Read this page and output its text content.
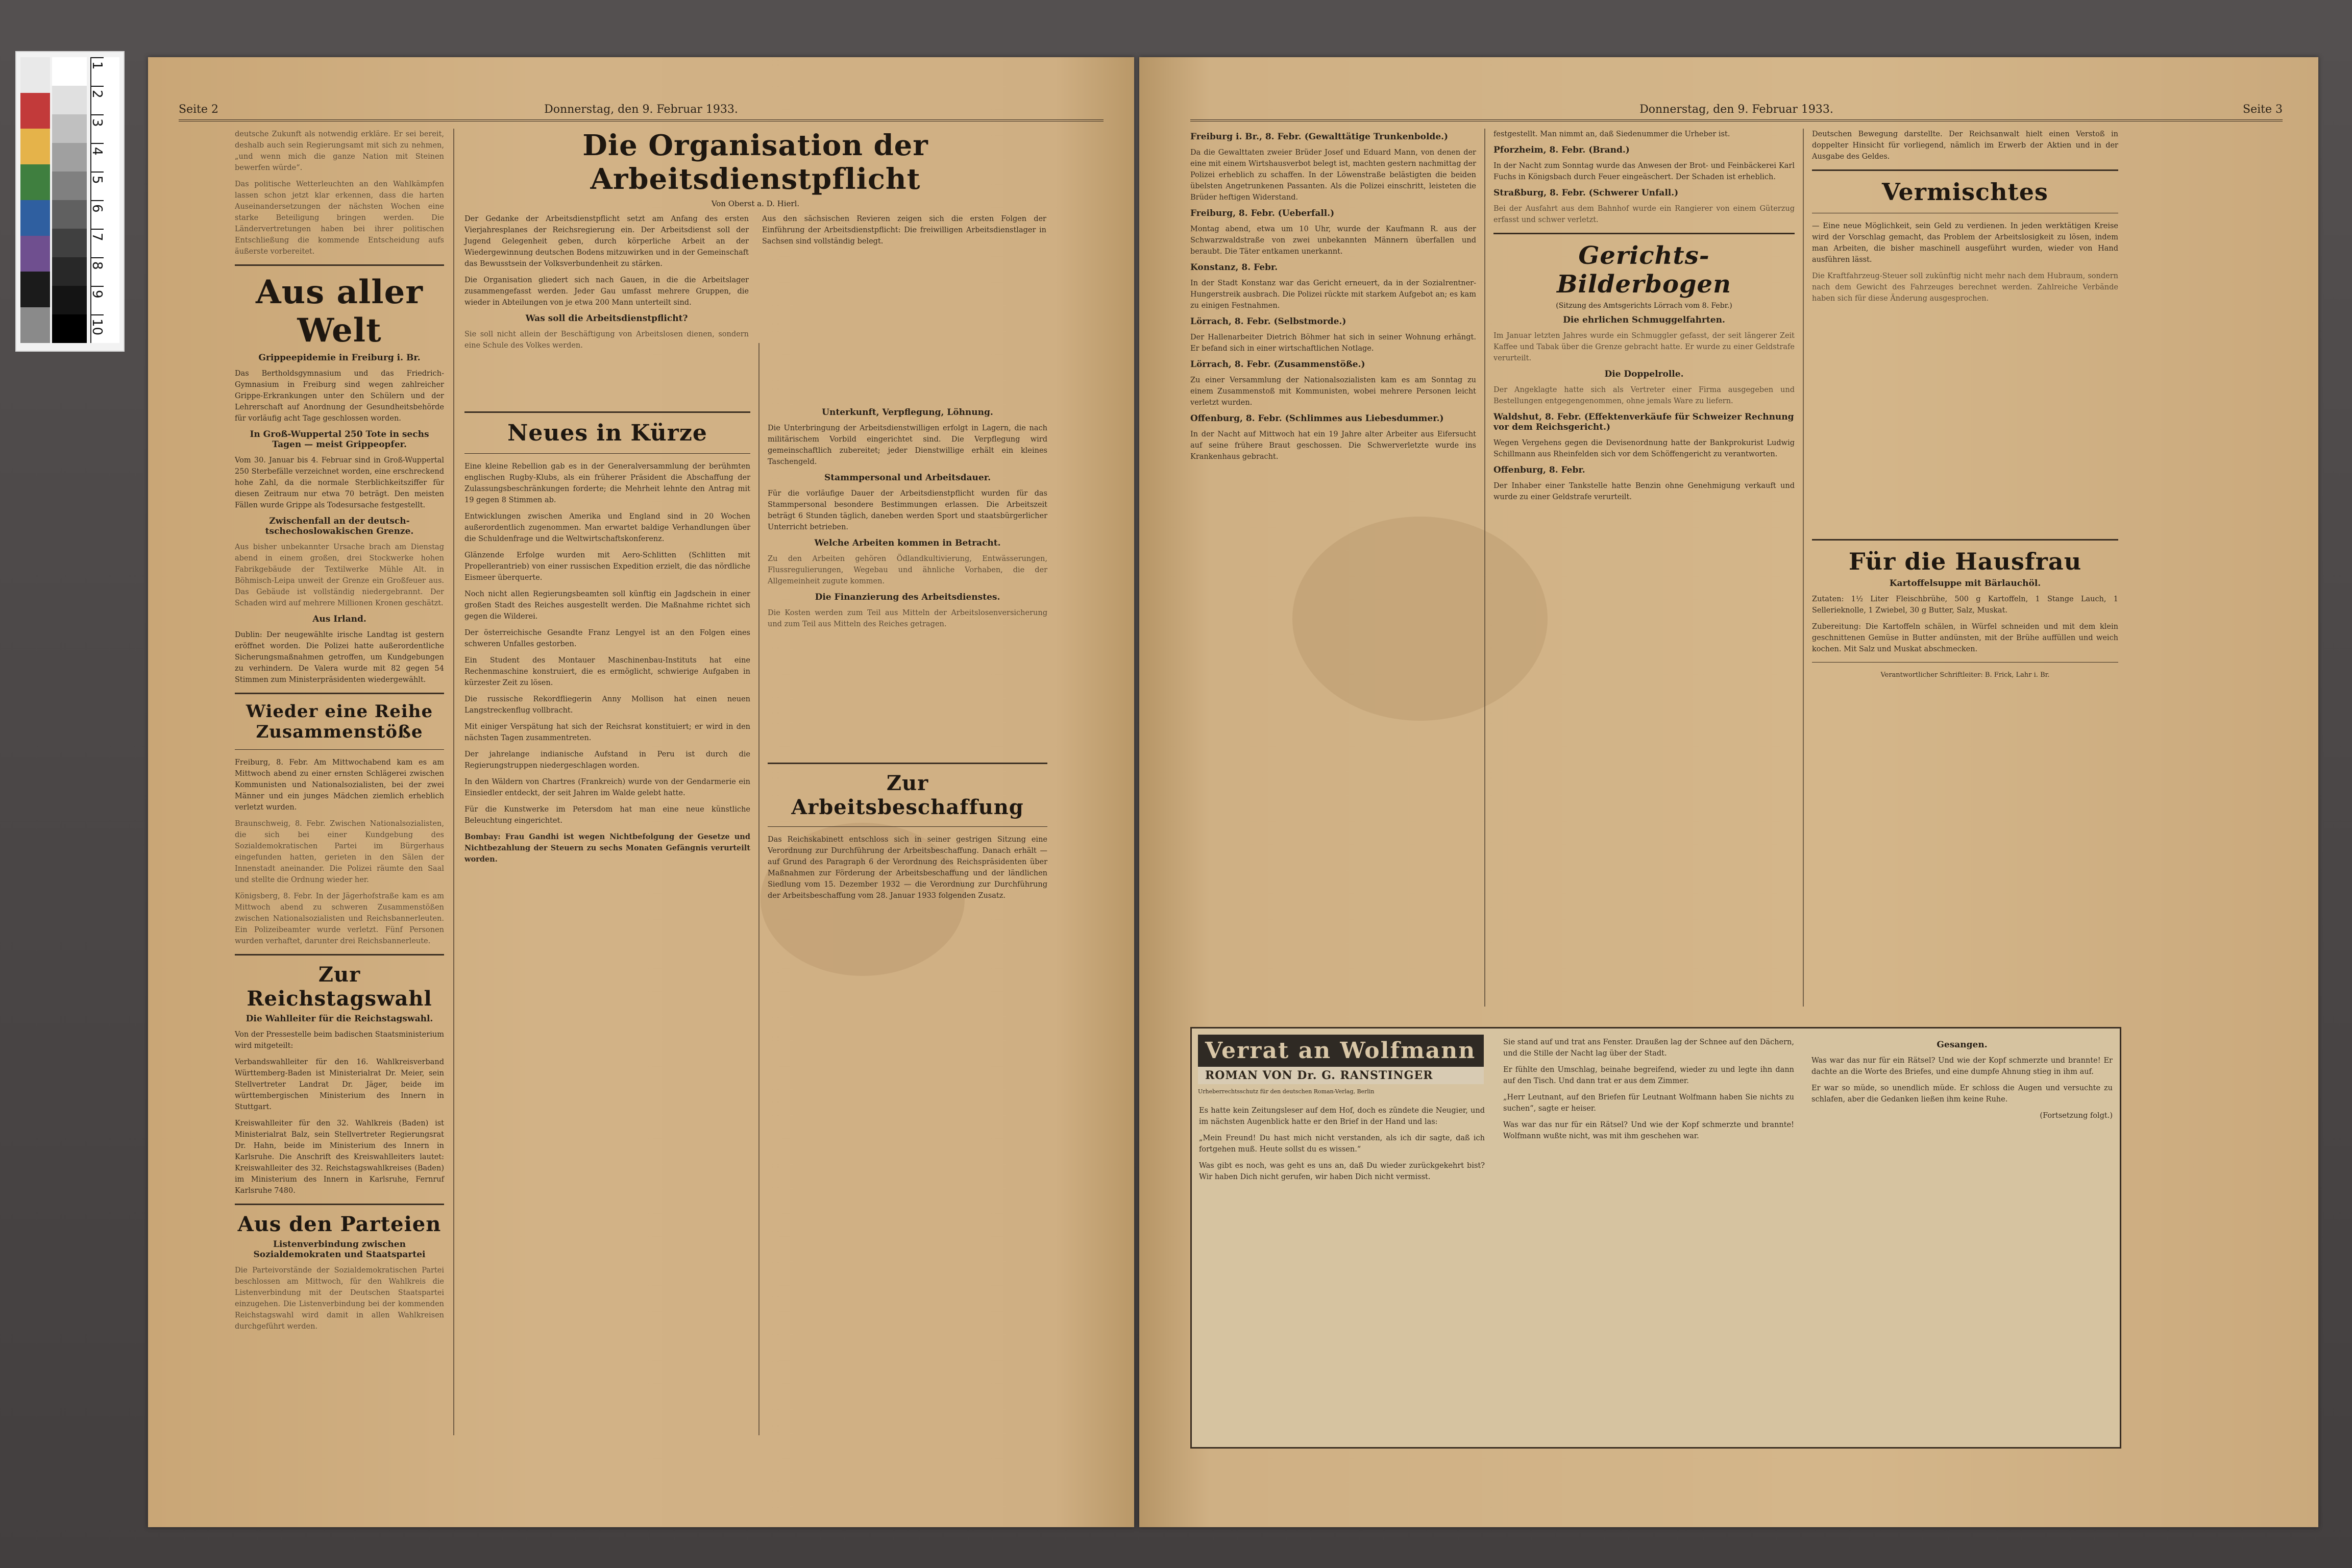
1
2
3
4
5
6
7
8
9
10
Seite 2	Donnerstag, den 9. Februar 1933.

deutsche Zukunft als notwendig erkläre. Er sei bereit, deshalb auch sein Regierungsamt mit sich zu nehmen, „und wenn mich die ganze Nation mit Steinen bewerfen würde“.

Das politische Wetterleuchten an den Wahlkämpfen lassen schon jetzt klar erkennen, dass die harten Auseinandersetzungen der nächsten Wochen eine starke Beteiligung bringen werden. Die Ländervertretungen haben bei ihrer politischen Entschließung die kommende Entscheidung aufs äußerste vorbereitet.

Aus aller Welt
Grippeepidemie in Freiburg i. Br.

Das Bertholdsgymnasium und das Friedrich-Gymnasium in Freiburg sind wegen zahlreicher Grippe-Erkrankungen unter den Schülern und der Lehrerschaft auf Anordnung der Gesundheitsbehörde für vorläufig acht Tage geschlossen worden.

In Groß-Wuppertal 250 Tote in sechs Tagen — meist Grippeopfer.

Vom 30. Januar bis 4. Februar sind in Groß-Wuppertal 250 Sterbefälle verzeichnet worden, eine erschreckend hohe Zahl, da die normale Sterblichkeitsziffer für diesen Zeitraum nur etwa 70 beträgt. Den meisten Fällen wurde Grippe als Todesursache festgestellt.

Zwischenfall an der deutsch-tschechoslowakischen Grenze.

Aus bisher unbekannter Ursache brach am Dienstag abend in einem großen, drei Stockwerke hohen Fabrikgebäude der Textilwerke Mühle Alt. in Böhmisch-Leipa unweit der Grenze ein Großfeuer aus. Das Gebäude ist vollständig niedergebrannt. Der Schaden wird auf mehrere Millionen Kronen geschätzt.

Aus Irland.

Dublin: Der neugewählte irische Landtag ist gestern eröffnet worden. Die Polizei hatte außerordentliche Sicherungsmaßnahmen getroffen, um Kundgebungen zu verhindern. De Valera wurde mit 82 gegen 54 Stimmen zum Ministerpräsidenten wiedergewählt.

Wieder eine Reihe Zusammenstöße

Freiburg, 8. Febr. Am Mittwochabend kam es am Mittwoch abend zu einer ernsten Schlägerei zwischen Kommunisten und Nationalsozialisten, bei der zwei Männer und ein junges Mädchen ziemlich erheblich verletzt wurden.

Braunschweig, 8. Febr. Zwischen Nationalsozialisten, die sich bei einer Kundgebung des Sozialdemokratischen Partei im Bürgerhaus eingefunden hatten, gerieten in den Sälen der Innenstadt aneinander. Die Polizei räumte den Saal und stellte die Ordnung wieder her.

Königsberg, 8. Febr. In der Jägerhofstraße kam es am Mittwoch abend zu schweren Zusammenstößen zwischen Nationalsozialisten und Reichsbannerleuten. Ein Polizeibeamter wurde verletzt. Fünf Personen wurden verhaftet, darunter drei Reichsbannerleute.

Zur Reichstagswahl
Die Wahlleiter für die Reichstagswahl.

Von der Pressestelle beim badischen Staatsministerium wird mitgeteilt:

Verbandswahlleiter für den 16. Wahlkreisverband Württemberg-Baden ist Ministerialrat Dr. Meier, sein Stellvertreter Landrat Dr. Jäger, beide im württembergischen Ministerium des Innern in Stuttgart.

Kreiswahlleiter für den 32. Wahlkreis (Baden) ist Ministerialrat Balz, sein Stellvertreter Regierungsrat Dr. Hahn, beide im Ministerium des Innern in Karlsruhe. Die Anschrift des Kreiswahlleiters lautet: Kreiswahlleiter des 32. Reichstagswahlkreises (Baden) im Ministerium des Innern in Karlsruhe, Fernruf Karlsruhe 7480.

Aus den Parteien
Listenverbindung zwischen Sozialdemokraten und Staatspartei

Die Parteivorstände der Sozialdemokratischen Partei beschlossen am Mittwoch, für den Wahlkreis die Listenverbindung mit der Deutschen Staatspartei einzugehen. Die Listenverbindung bei der kommenden Reichstagswahl wird damit in allen Wahlkreisen durchgeführt werden.

Die Organisation der Arbeitsdienstpflicht
Von Oberst a. D. Hierl.

Der Gedanke der Arbeitsdienstpflicht setzt am Anfang des ersten Vierjahresplanes der Reichsregierung ein. Der Arbeitsdienst soll der Jugend Gelegenheit geben, durch körperliche Arbeit an der Wiedergewinnung deutschen Bodens mitzuwirken und in der Gemeinschaft das Bewusstsein der Volksverbundenheit zu stärken.

Die Organisation gliedert sich nach Gauen, in die die Arbeitslager zusammengefasst werden. Jeder Gau umfasst mehrere Gruppen, die wieder in Abteilungen von je etwa 200 Mann unterteilt sind.

Was soll die Arbeitsdienstpflicht?

Sie soll nicht allein der Beschäftigung von Arbeitslosen dienen, sondern eine Schule des Volkes werden.

Aus den sächsischen Revieren zeigen sich die ersten Folgen der Einführung der Arbeitsdienstpflicht: Die freiwilligen Arbeitsdienstlager in Sachsen sind vollständig belegt.

Neues in Kürze

Eine kleine Rebellion gab es in der Generalversammlung der berühmten englischen Rugby-Klubs, als ein früherer Präsident die Abschaffung der Zulassungsbeschränkungen forderte; die Mehrheit lehnte den Antrag mit 19 gegen 8 Stimmen ab.

Entwicklungen zwischen Amerika und England sind in 20 Wochen außerordentlich zugenommen. Man erwartet baldige Verhandlungen über die Schuldenfrage und die Weltwirtschaftskonferenz.

Glänzende Erfolge wurden mit Aero-Schlitten (Schlitten mit Propellerantrieb) von einer russischen Expedition erzielt, die das nördliche Eismeer überquerte.

Noch nicht allen Regierungsbeamten soll künftig ein Jagdschein in einer großen Stadt des Reiches ausgestellt werden. Die Maßnahme richtet sich gegen die Wilderei.

Der österreichische Gesandte Franz Lengyel ist an den Folgen eines schweren Unfalles gestorben.

Ein Student des Montauer Maschinenbau-Instituts hat eine Rechenmaschine konstruiert, die es ermöglicht, schwierige Aufgaben in kürzester Zeit zu lösen.

Die russische Rekordfliegerin Anny Mollison hat einen neuen Langstreckenflug vollbracht.

Mit einiger Verspätung hat sich der Reichsrat konstituiert; er wird in den nächsten Tagen zusammentreten.

Der jahrelange indianische Aufstand in Peru ist durch die Regierungstruppen niedergeschlagen worden.

In den Wäldern von Chartres (Frankreich) wurde von der Gendarmerie ein Einsiedler entdeckt, der seit Jahren im Walde gelebt hatte.

Für die Kunstwerke im Petersdom hat man eine neue künstliche Beleuchtung eingerichtet.

Bombay: Frau Gandhi ist wegen Nichtbefolgung der Gesetze und Nichtbezahlung der Steuern zu sechs Monaten Gefängnis verurteilt worden.

Unterkunft, Verpflegung, Löhnung.

Die Unterbringung der Arbeitsdienstwilligen erfolgt in Lagern, die nach militärischem Vorbild eingerichtet sind. Die Verpflegung wird gemeinschaftlich zubereitet; jeder Dienstwillige erhält ein kleines Taschengeld.

Stammpersonal und Arbeitsdauer.

Für die vorläufige Dauer der Arbeitsdienstpflicht wurden für das Stammpersonal besondere Bestimmungen erlassen. Die Arbeitszeit beträgt 6 Stunden täglich, daneben werden Sport und staatsbürgerlicher Unterricht betrieben.

Welche Arbeiten kommen in Betracht.

Zu den Arbeiten gehören Ödlandkultivierung, Entwässerungen, Flussregulierungen, Wegebau und ähnliche Vorhaben, die der Allgemeinheit zugute kommen.

Die Finanzierung des Arbeitsdienstes.

Die Kosten werden zum Teil aus Mitteln der Arbeitslosenversicherung und zum Teil aus Mitteln des Reiches getragen.

Zur Arbeitsbeschaffung

Das Reichskabinett entschloss sich in seiner gestrigen Sitzung eine Verordnung zur Durchführung der Arbeitsbeschaffung. Danach erhält — auf Grund des Paragraph 6 der Verordnung des Reichspräsidenten über Maßnahmen zur Förderung der Arbeitsbeschaffung und der ländlichen Siedlung vom 15. Dezember 1932 — die Verordnung zur Durchführung der Arbeitsbeschaffung vom 28. Januar 1933 folgenden Zusatz.

Donnerstag, den 9. Februar 1933.	Seite 3
Freiburg i. Br., 8. Febr. (Gewalttätige Trunkenbolde.)

Da die Gewalttaten zweier Brüder Josef und Eduard Mann, von denen der eine mit einem Wirtshausverbot belegt ist, machten gestern nachmittag der Polizei erheblich zu schaffen. In der Löwenstraße belästigten die beiden übelsten Angetrunkenen Passanten. Als die Polizei einschritt, leisteten die Brüder heftigen Widerstand.

Freiburg, 8. Febr. (Ueberfall.)

Montag abend, etwa um 10 Uhr, wurde der Kaufmann R. aus der Schwarzwaldstraße von zwei unbekannten Männern überfallen und beraubt. Die Täter entkamen unerkannt.

Konstanz, 8. Febr.

In der Stadt Konstanz war das Gericht erneuert, da in der Sozialrentner-Hungerstreik ausbrach. Die Polizei rückte mit starkem Aufgebot an; es kam zu einigen Festnahmen.

Lörrach, 8. Febr. (Selbstmorde.)

Der Hallenarbeiter Dietrich Böhmer hat sich in seiner Wohnung erhängt. Er befand sich in einer wirtschaftlichen Notlage.

Lörrach, 8. Febr. (Zusammenstöße.)

Zu einer Versammlung der Nationalsozialisten kam es am Sonntag zu einem Zusammenstoß mit Kommunisten, wobei mehrere Personen leicht verletzt wurden.

Offenburg, 8. Febr. (Schlimmes aus Liebesdummer.)

In der Nacht auf Mittwoch hat ein 19 Jahre alter Arbeiter aus Eifersucht auf seine frühere Braut geschossen. Die Schwerverletzte wurde ins Krankenhaus gebracht.

festgestellt. Man nimmt an, daß Siedenummer die Urheber ist.

Pforzheim, 8. Febr. (Brand.)

In der Nacht zum Sonntag wurde das Anwesen der Brot- und Feinbäckerei Karl Fuchs in Königsbach durch Feuer eingeäschert. Der Schaden ist erheblich.

Straßburg, 8. Febr. (Schwerer Unfall.)

Bei der Ausfahrt aus dem Bahnhof wurde ein Rangierer von einem Güterzug erfasst und schwer verletzt.

Gerichts-Bilderbogen
(Sitzung des Amtsgerichts Lörrach vom 8. Febr.)
Die ehrlichen Schmuggelfahrten.

Im Januar letzten Jahres wurde ein Schmuggler gefasst, der seit längerer Zeit Kaffee und Tabak über die Grenze gebracht hatte. Er wurde zu einer Geldstrafe verurteilt.

Die Doppelrolle.

Der Angeklagte hatte sich als Vertreter einer Firma ausgegeben und Bestellungen entgegengenommen, ohne jemals Ware zu liefern.

Waldshut, 8. Febr. (Effektenverkäufe für Schweizer Rechnung vor dem Reichsgericht.)

Wegen Vergehens gegen die Devisenordnung hatte der Bankprokurist Ludwig Schillmann aus Rheinfelden sich vor dem Schöffengericht zu verantworten.

Offenburg, 8. Febr.

Der Inhaber einer Tankstelle hatte Benzin ohne Genehmigung verkauft und wurde zu einer Geldstrafe verurteilt.

Deutschen Bewegung darstellte. Der Reichsanwalt hielt einen Verstoß in doppelter Hinsicht für vorliegend, nämlich im Erwerb der Aktien und in der Ausgabe des Geldes.

Vermischtes

— Eine neue Möglichkeit, sein Geld zu verdienen. In jeden werktätigen Kreise wird der Vorschlag gemacht, das Problem der Arbeitslosigkeit zu lösen, indem man Arbeiten, die bisher maschinell ausgeführt wurden, wieder von Hand ausführen lässt.

Die Kraftfahrzeug-Steuer soll zukünftig nicht mehr nach dem Hubraum, sondern nach dem Gewicht des Fahrzeuges berechnet werden. Zahlreiche Verbände haben sich für diese Änderung ausgesprochen.

Für die Hausfrau
Kartoffelsuppe mit Bärlauchöl.

Zutaten: 1½ Liter Fleischbrühe, 500 g Kartoffeln, 1 Stange Lauch, 1 Sellerieknolle, 1 Zwiebel, 30 g Butter, Salz, Muskat.

Zubereitung: Die Kartoffeln schälen, in Würfel schneiden und mit dem klein geschnittenen Gemüse in Butter andünsten, mit der Brühe auffüllen und weich kochen. Mit Salz und Muskat abschmecken.

Verantwortlicher Schriftleiter: B. Frick, Lahr i. Br.
Verrat an Wolfmann
ROMAN VON Dr. G. RANSTINGER
Urheberrechtsschutz für den deutschen Roman-Verlag, Berlin

Es hatte kein Zeitungsleser auf dem Hof, doch es zündete die Neugier, und im nächsten Augenblick hatte er den Brief in der Hand und las:

„Mein Freund! Du hast mich nicht verstanden, als ich dir sagte, daß ich fortgehen muß. Heute sollst du es wissen.“

Was gibt es noch, was geht es uns an, daß Du wieder zurückgekehrt bist? Wir haben Dich nicht gerufen, wir haben Dich nicht vermisst.

Sie stand auf und trat ans Fenster. Draußen lag der Schnee auf den Dächern, und die Stille der Nacht lag über der Stadt.

Er fühlte den Umschlag, beinahe begreifend, wieder zu und legte ihn dann auf den Tisch. Und dann trat er aus dem Zimmer.

„Herr Leutnant, auf den Briefen für Leutnant Wolfmann haben Sie nichts zu suchen“, sagte er heiser.

Was war das nur für ein Rätsel? Und wie der Kopf schmerzte und brannte! Wolfmann wußte nicht, was mit ihm geschehen war.

Gesangen.

Was war das nur für ein Rätsel? Und wie der Kopf schmerzte und brannte! Er dachte an die Worte des Briefes, und eine dumpfe Ahnung stieg in ihm auf.

Er war so müde, so unendlich müde. Er schloss die Augen und versuchte zu schlafen, aber die Gedanken ließen ihm keine Ruhe.

(Fortsetzung folgt.)
